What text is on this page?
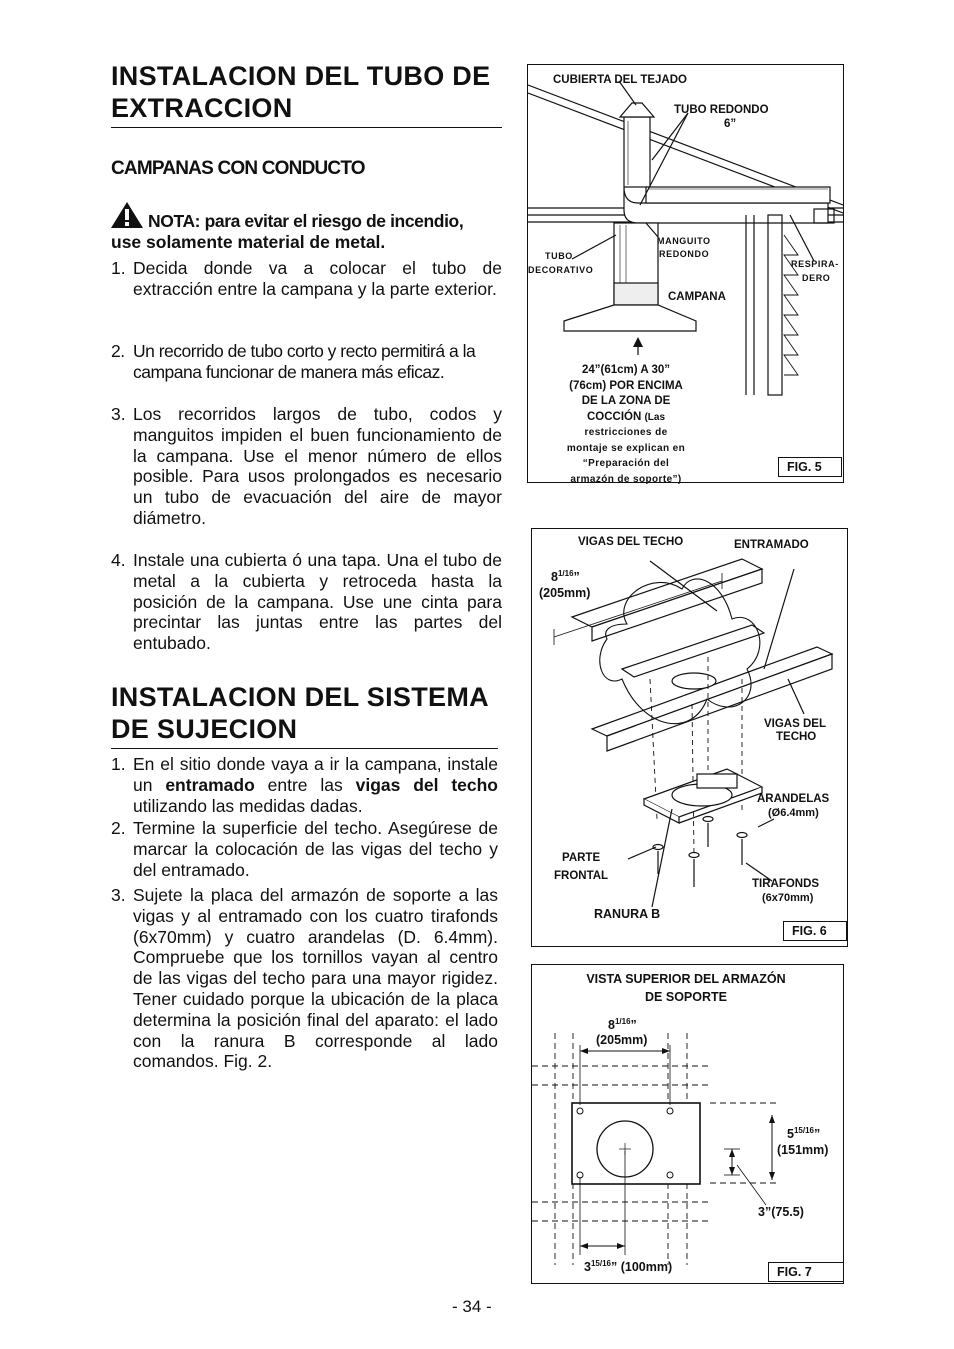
INSTALACION DEL TUBO DE
EXTRACCION
CAMPANAS CON CONDUCTO
NOTA: para evitar el riesgo de incendio,
use solamente material de metal.
1. Decida donde va a colocar el tubo de extracción entre la campana y la parte exterior.
2. Un recorrido de tubo corto y recto permitirá a la campana funcionar de manera más eficaz.
3. Los recorridos largos de tubo, codos y manguitos impiden el buen funcionamiento de la campana. Use el menor número de ellos posible. Para usos prolongados es necesario un tubo de evacuación del aire de mayor diámetro.
4. Instale una cubierta ó una tapa. Una el tubo de metal a la cubierta y retroceda hasta la posición de la campana. Use une cinta para precintar las juntas entre las partes del entubado.
INSTALACION DEL SISTEMA
DE SUJECION
1. En el sitio donde vaya a ir la campana, instale un entramado entre las vigas del techo utilizando las medidas dadas.
2. Termine la superficie del techo. Asegúrese de marcar la colocación de las vigas del techo y del entramado.
3. Sujete la placa del armazón de soporte a las vigas y al entramado con los cuatro tirafonds (6x70mm) y cuatro arandelas (D. 6.4mm). Compruebe que los tornillos vayan al centro de las vigas del techo para una mayor rigidez. Tener cuidado porque la ubicación de la placa determina la posición final del aparato: el lado con la ranura B corresponde al lado comandos. Fig. 2.
- 34 -
CUBIERTA DEL TEJADO
TUBO REDONDO
6”
TUBO
DECORATIVO
MANGUITO
REDONDO
RESPIRA-
DERO
CAMPANA
24”(61cm) A 30”
(76cm) POR ENCIMA
DE LA ZONA DE
COCCIÓN (Las
restricciones de
montaje se explican en
“Preparación del
armazón de soporte”)
FIG. 5
VIGAS DEL TECHO	ENTRAMADO
$8^{1/16}$”
(205mm)
VIGAS DEL
TECHO
ARANDELAS
(Ø6.4mm)
PARTE
FRONTAL
TIRAFONDS
(6x70mm)
RANURA B
FIG. 6
VISTA SUPERIOR DEL ARMAZÓN
DE SOPORTE
$8^{1/16}$”
(205mm)
$5^{15/16}$”
(151mm)
3”(75.5)
$3^{15/16}$” (100mm)	FIG. 7
